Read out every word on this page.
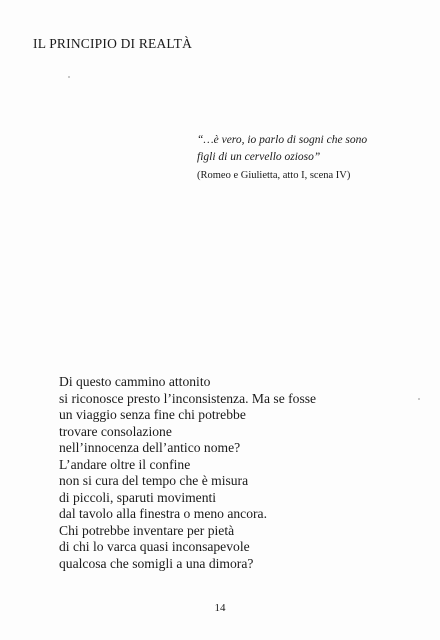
IL PRINCIPIO DI REALTÀ

“…è vero, io parlo di sogni che sono
figli di un cervello ozioso”

(Romeo e Giulietta, atto I, scena IV)
Di questo cammino attonito
si riconosce presto l’inconsistenza. Ma se fosse
un viaggio senza fine chi potrebbe
trovare consolazione
nell’innocenza dell’antico nome?
L’andare oltre il confine
non si cura del tempo che è misura
di piccoli, sparuti movimenti
dal tavolo alla finestra o meno ancora.
Chi potrebbe inventare per pietà
di chi lo varca quasi inconsapevole
qualcosa che somigli a una dimora?
14
